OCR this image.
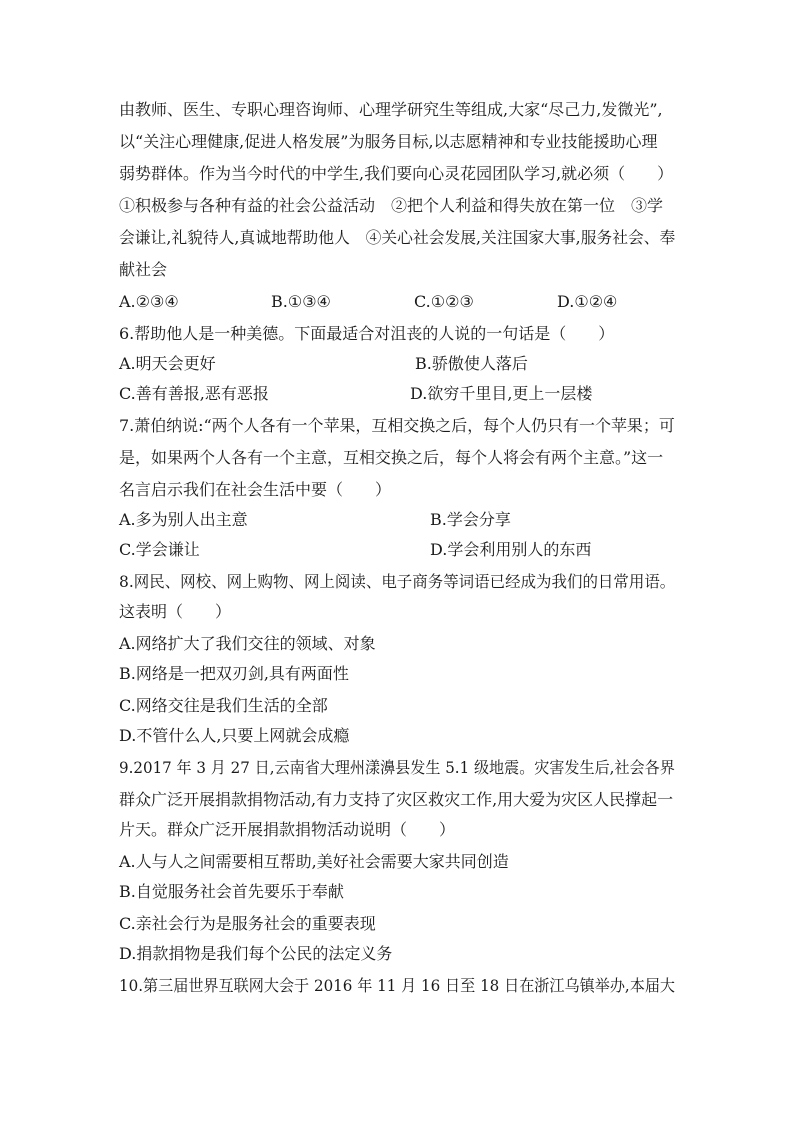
由教师、医生、专职心理咨询师、心理学研究生等组成,大家“尽己力,发微光”,
以“关注心理健康,促进人格发展”为服务目标,以志愿精神和专业技能援助心理
弱势群体。作为当今时代的中学生,我们要向心灵花园团队学习,就必须（　　）
①积极参与各种有益的社会公益活动　②把个人利益和得失放在第一位　③学
会谦让,礼貌待人,真诚地帮助他人　④关心社会发展,关注国家大事,服务社会、奉
献社会
A.②③④	B.①③④	C.①②③	D.①②④
6.帮助他人是一种美德。下面最适合对沮丧的人说的一句话是（　　）
A.明天会更好	B.骄傲使人落后
C.善有善报,恶有恶报	D.欲穷千里目,更上一层楼
7.萧伯纳说:“两个人各有一个苹果，互相交换之后，每个人仍只有一个苹果；可
是，如果两个人各有一个主意，互相交换之后，每个人将会有两个主意。”这一
名言启示我们在社会生活中要（　　）
A.多为别人出主意	B.学会分享
C.学会谦让	D.学会利用别人的东西
8.网民、网校、网上购物、网上阅读、电子商务等词语已经成为我们的日常用语。
这表明（　　）
A.网络扩大了我们交往的领域、对象
B.网络是一把双刃剑,具有两面性
C.网络交往是我们生活的全部
D.不管什么人,只要上网就会成瘾
9.2017 年 3 月 27 日,云南省大理州漾濞县发生 5.1 级地震。灾害发生后,社会各界
群众广泛开展捐款捐物活动,有力支持了灾区救灾工作,用大爱为灾区人民撑起一
片天。群众广泛开展捐款捐物活动说明（　　）
A.人与人之间需要相互帮助,美好社会需要大家共同创造
B.自觉服务社会首先要乐于奉献
C.亲社会行为是服务社会的重要表现
D.捐款捐物是我们每个公民的法定义务
10.第三届世界互联网大会于 2016 年 11 月 16 日至 18 日在浙江乌镇举办,本届大
